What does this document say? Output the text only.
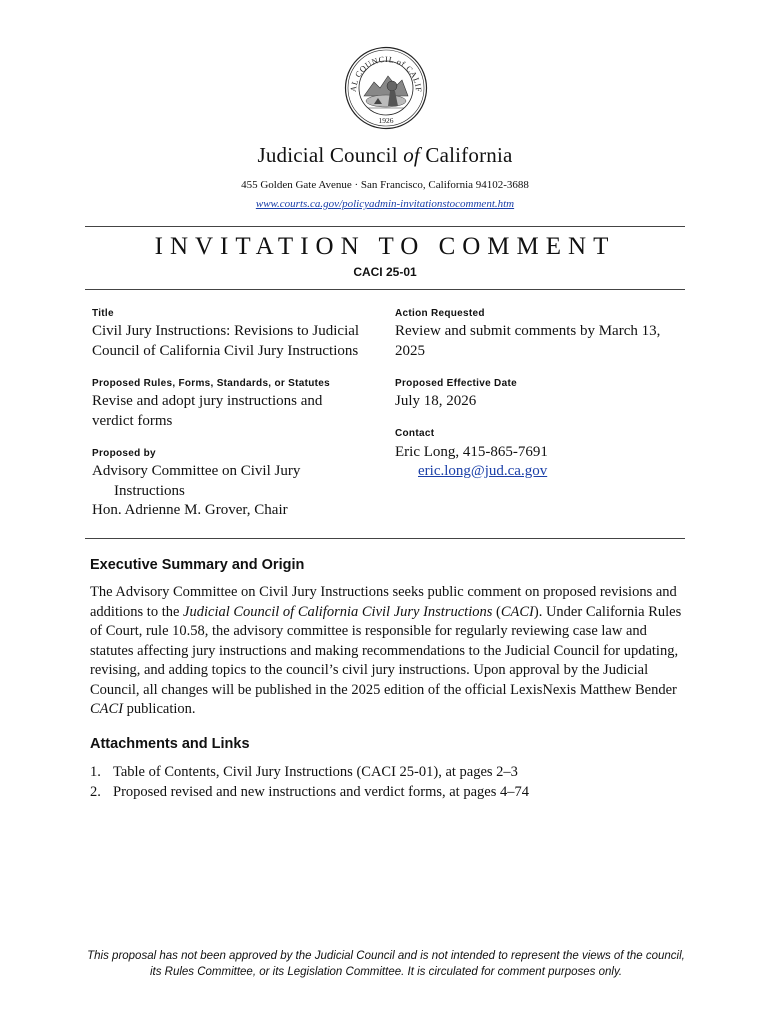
AL COUNCIL of CALIF
1926
Judicial Council of California
455 Golden Gate Avenue · San Francisco, California 94102-3688
www.courts.ca.gov/policyadmin-invitationstocomment.htm
INVITATION TO COMMENT
CACI 25-01
Title
Civil Jury Instructions: Revisions to Judicial Council of California Civil Jury Instructions
Proposed Rules, Forms, Standards, or Statutes
Revise and adopt jury instructions and verdict forms
Proposed by
Advisory Committee on Civil Jury
Instructions
Hon. Adrienne M. Grover, Chair
Action Requested
Review and submit comments by March 13, 2025
Proposed Effective Date
July 18, 2026
Contact
Eric Long, 415-865-7691
eric.long@jud.ca.gov
Executive Summary and Origin
The Advisory Committee on Civil Jury Instructions seeks public comment on proposed revisions and additions to the Judicial Council of California Civil Jury Instructions (CACI). Under California Rules of Court, rule 10.58, the advisory committee is responsible for regularly reviewing case law and statutes affecting jury instructions and making recommendations to the Judicial Council for updating, revising, and adding topics to the council’s civil jury instructions. Upon approval by the Judicial Council, all changes will be published in the 2025 edition of the official LexisNexis Matthew Bender CACI publication.
Attachments and Links
1. Table of Contents, Civil Jury Instructions (CACI 25-01), at pages 2–3
2. Proposed revised and new instructions and verdict forms, at pages 4–74
This proposal has not been approved by the Judicial Council and is not intended to represent the views of the council, its Rules Committee, or its Legislation Committee. It is circulated for comment purposes only.
